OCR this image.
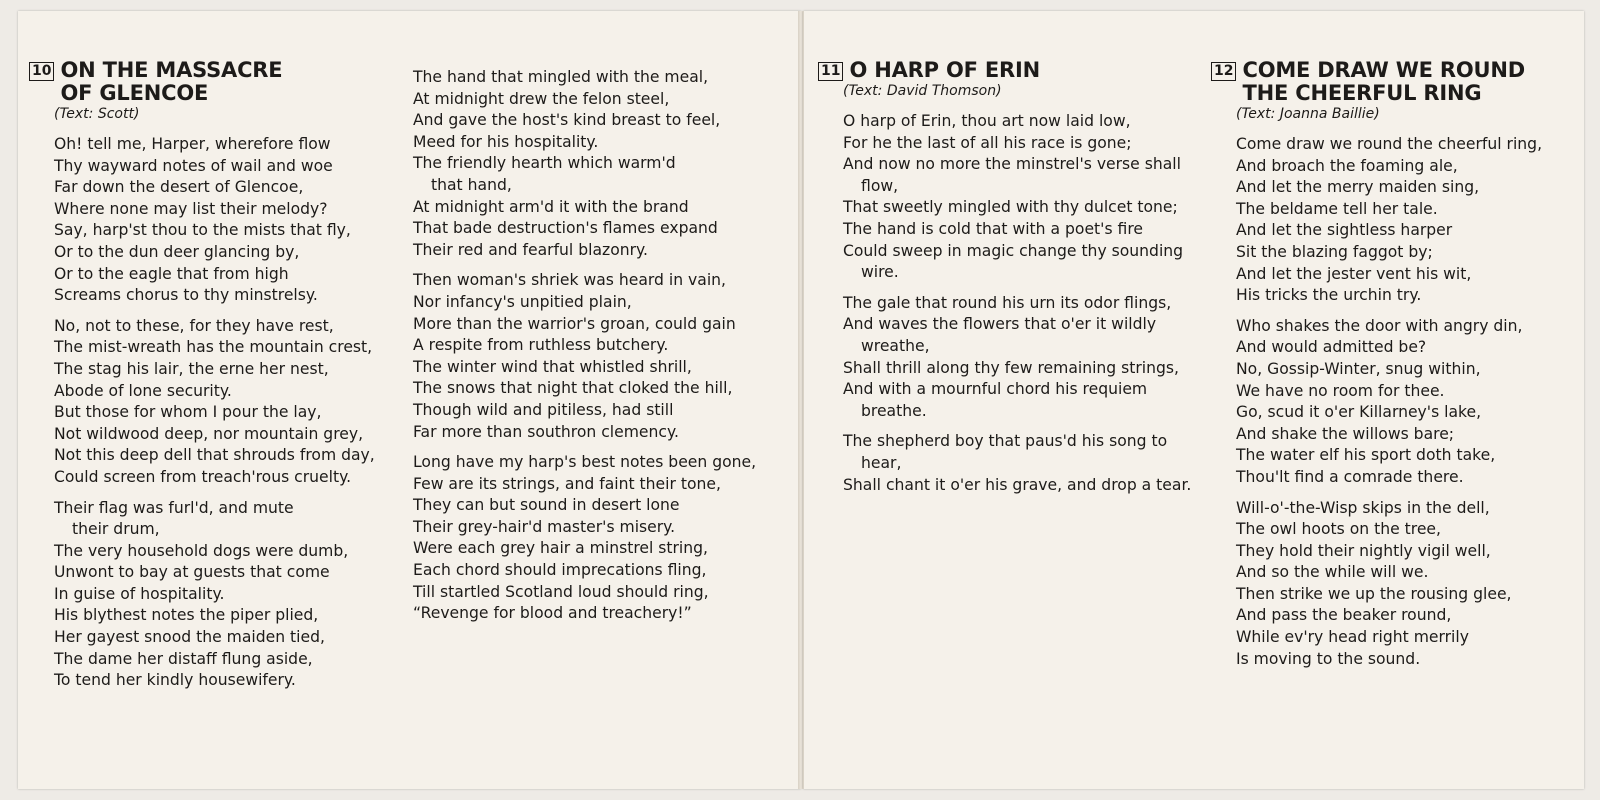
10 ON THE MASSACRE
OF GLENCOE
(Text: Scott)
Oh! tell me, Harper, wherefore flow
Thy wayward notes of wail and woe
Far down the desert of Glencoe,
Where none may list their melody?
Say, harp'st thou to the mists that fly,
Or to the dun deer glancing by,
Or to the eagle that from high
Screams chorus to thy minstrelsy.
No, not to these, for they have rest,
The mist-wreath has the mountain crest,
The stag his lair, the erne her nest,
Abode of lone security.
But those for whom I pour the lay,
Not wildwood deep, nor mountain grey,
Not this deep dell that shrouds from day,
Could screen from treach'rous cruelty.
Their flag was furl'd, and mute
their drum,
The very household dogs were dumb,
Unwont to bay at guests that come
In guise of hospitality.
His blythest notes the piper plied,
Her gayest snood the maiden tied,
The dame her distaff flung aside,
To tend her kindly housewifery.
The hand that mingled with the meal,
At midnight drew the felon steel,
And gave the host's kind breast to feel,
Meed for his hospitality.
The friendly hearth which warm'd
that hand,
At midnight arm'd it with the brand
That bade destruction's flames expand
Their red and fearful blazonry.
Then woman's shriek was heard in vain,
Nor infancy's unpitied plain,
More than the warrior's groan, could gain
A respite from ruthless butchery.
The winter wind that whistled shrill,
The snows that night that cloked the hill,
Though wild and pitiless, had still
Far more than southron clemency.
Long have my harp's best notes been gone,
Few are its strings, and faint their tone,
They can but sound in desert lone
Their grey-hair'd master's misery.
Were each grey hair a minstrel string,
Each chord should imprecations fling,
Till startled Scotland loud should ring,
“Revenge for blood and treachery!”
11 O HARP OF ERIN
(Text: David Thomson)
O harp of Erin, thou art now laid low,
For he the last of all his race is gone;
And now no more the minstrel's verse shall
flow,
That sweetly mingled with thy dulcet tone;
The hand is cold that with a poet's fire
Could sweep in magic change thy sounding
wire.
The gale that round his urn its odor flings,
And waves the flowers that o'er it wildly
wreathe,
Shall thrill along thy few remaining strings,
And with a mournful chord his requiem
breathe.
The shepherd boy that paus'd his song to
hear,
Shall chant it o'er his grave, and drop a tear.
12 COME DRAW WE ROUND
THE CHEERFUL RING
(Text: Joanna Baillie)
Come draw we round the cheerful ring,
And broach the foaming ale,
And let the merry maiden sing,
The beldame tell her tale.
And let the sightless harper
Sit the blazing faggot by;
And let the jester vent his wit,
His tricks the urchin try.
Who shakes the door with angry din,
And would admitted be?
No, Gossip-Winter, snug within,
We have no room for thee.
Go, scud it o'er Killarney's lake,
And shake the willows bare;
The water elf his sport doth take,
Thou'lt find a comrade there.
Will-o'-the-Wisp skips in the dell,
The owl hoots on the tree,
They hold their nightly vigil well,
And so the while will we.
Then strike we up the rousing glee,
And pass the beaker round,
While ev'ry head right merrily
Is moving to the sound.
